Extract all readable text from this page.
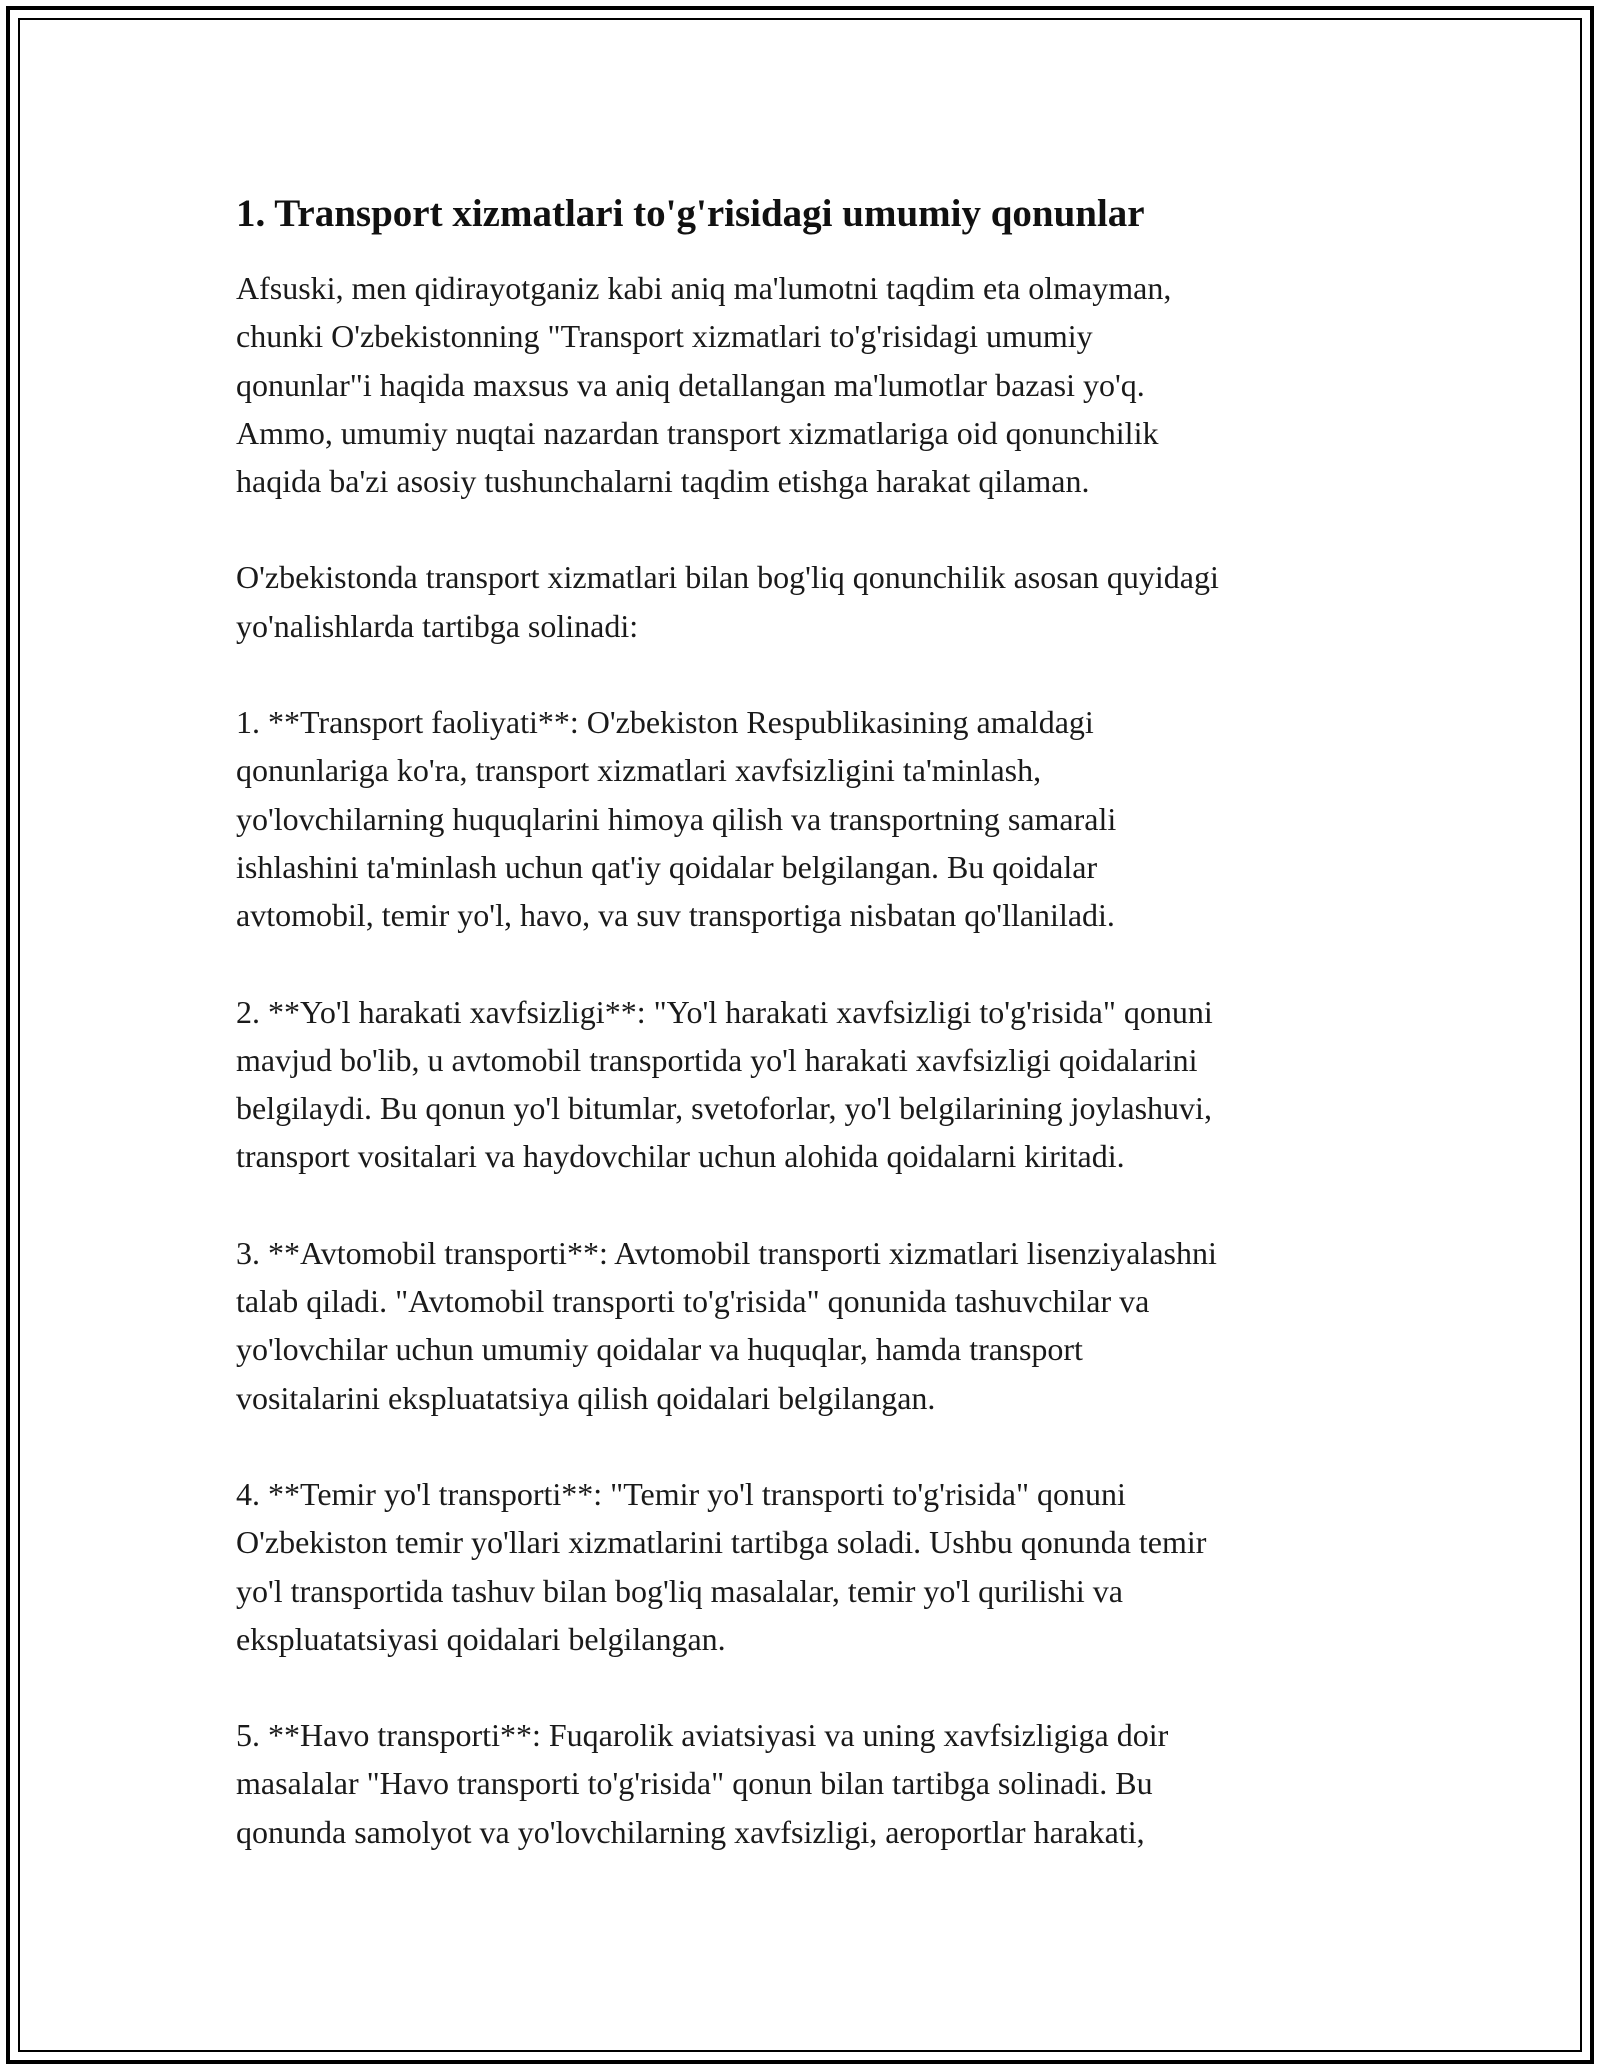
1. Transport xizmatlari to'g'risidagi umumiy qonunlar

Afsuski, men qidirayotganiz kabi aniq ma'lumotni taqdim eta olmayman,
chunki O'zbekistonning "Transport xizmatlari to'g'risidagi umumiy
qonunlar"i haqida maxsus va aniq detallangan ma'lumotlar bazasi yo'q.
Ammo, umumiy nuqtai nazardan transport xizmatlariga oid qonunchilik
haqida ba'zi asosiy tushunchalarni taqdim etishga harakat qilaman.

O'zbekistonda transport xizmatlari bilan bog'liq qonunchilik asosan quyidagi
yo'nalishlarda tartibga solinadi:

1. **Transport faoliyati**: O'zbekiston Respublikasining amaldagi
qonunlariga ko'ra, transport xizmatlari xavfsizligini ta'minlash,
yo'lovchilarning huquqlarini himoya qilish va transportning samarali
ishlashini ta'minlash uchun qat'iy qoidalar belgilangan. Bu qoidalar
avtomobil, temir yo'l, havo, va suv transportiga nisbatan qo'llaniladi.

2. **Yo'l harakati xavfsizligi**: "Yo'l harakati xavfsizligi to'g'risida" qonuni
mavjud bo'lib, u avtomobil transportida yo'l harakati xavfsizligi qoidalarini
belgilaydi. Bu qonun yo'l bitumlar, svetoforlar, yo'l belgilarining joylashuvi,
transport vositalari va haydovchilar uchun alohida qoidalarni kiritadi.

3. **Avtomobil transporti**: Avtomobil transporti xizmatlari lisenziyalashni
talab qiladi. "Avtomobil transporti to'g'risida" qonunida tashuvchilar va
yo'lovchilar uchun umumiy qoidalar va huquqlar, hamda transport
vositalarini ekspluatatsiya qilish qoidalari belgilangan.

4. **Temir yo'l transporti**: "Temir yo'l transporti to'g'risida" qonuni
O'zbekiston temir yo'llari xizmatlarini tartibga soladi. Ushbu qonunda temir
yo'l transportida tashuv bilan bog'liq masalalar, temir yo'l qurilishi va
ekspluatatsiyasi qoidalari belgilangan.

5. **Havo transporti**: Fuqarolik aviatsiyasi va uning xavfsizligiga doir
masalalar "Havo transporti to'g'risida" qonun bilan tartibga solinadi. Bu
qonunda samolyot va yo'lovchilarning xavfsizligi, aeroportlar harakati,
